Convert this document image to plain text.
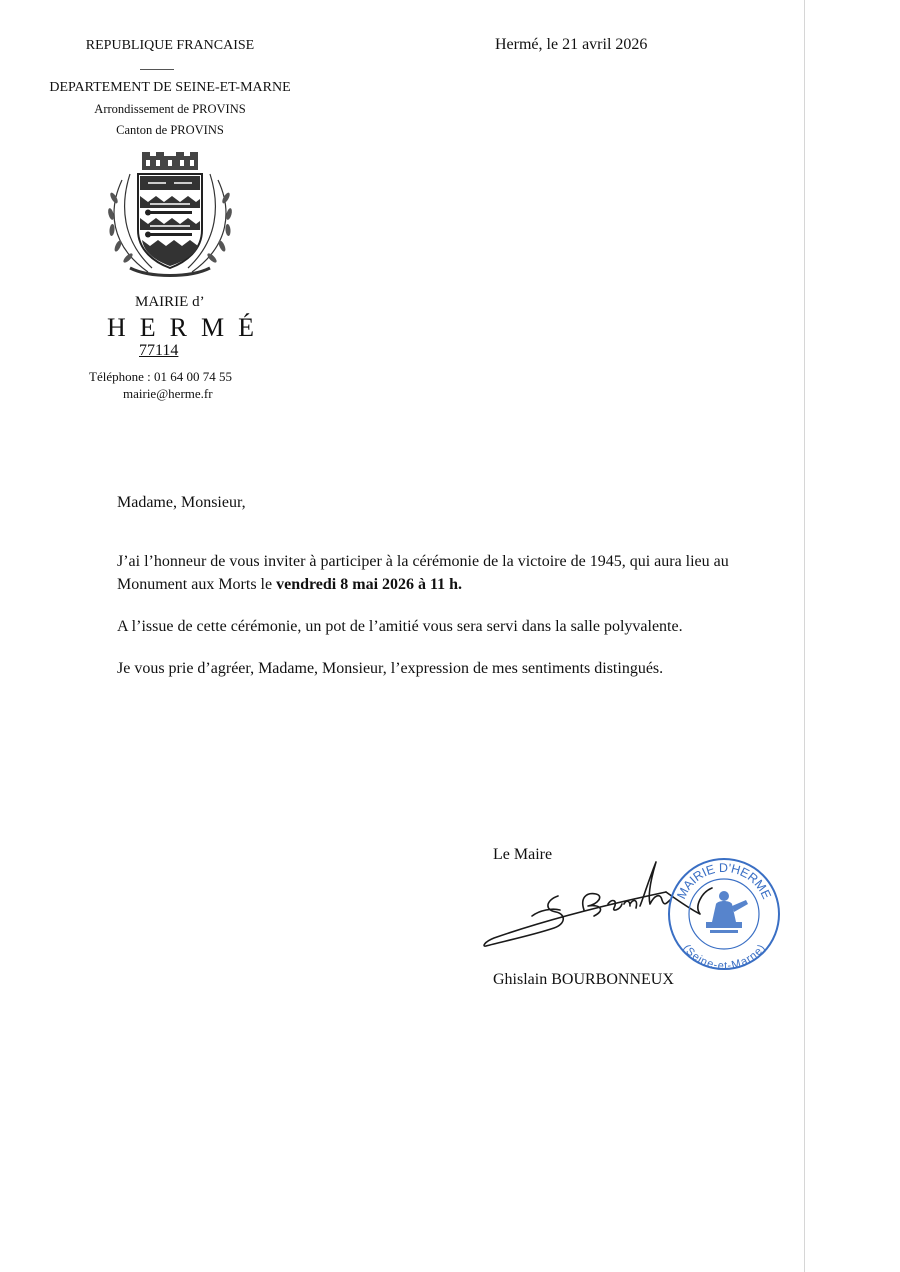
REPUBLIQUE FRANCAISE
DEPARTEMENT DE SEINE-ET-MARNE
Arrondissement de PROVINS
Canton de PROVINS
Hermé, le 21 avril 2026
MAIRIE d’
HERMÉ
77114
Téléphone : 01 64 00 74 55
mairie@herme.fr
Madame, Monsieur,
J’ai l’honneur de vous inviter à participer à la cérémonie de la victoire de 1945, qui aura lieu au
Monument aux Morts le vendredi 8 mai 2026 à 11 h.
A l’issue de cette cérémonie, un pot de l’amitié vous sera servi dans la salle polyvalente.
Je vous prie d’agréer, Madame, Monsieur, l’expression de mes sentiments distingués.
Le Maire
MAIRIE D'HERME
(Seine-et-Marne)
Ghislain BOURBONNEUX
